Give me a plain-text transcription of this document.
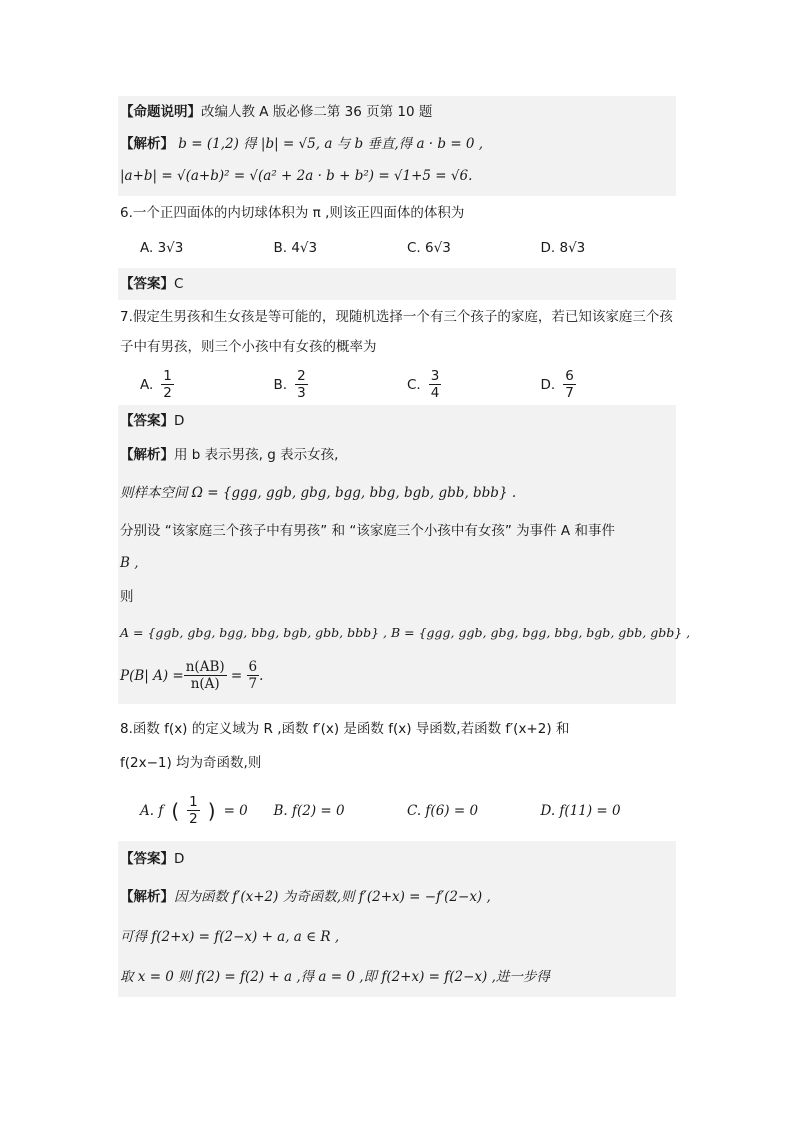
【命题说明】改编人教 A 版必修二第 36 页第 10 题
【解析】 b = (1,2) 得 |b| = √5, a 与 b 垂直,得 a · b = 0 ,
|a+b| = √(a+b)² = √(a² + 2a · b + b²) = √1+5 = √6.
6.一个正四面体的内切球体积为 π ,则该正四面体的体积为
A. 3√3	B. 4√3	C. 6√3	D. 8√3
【答案】C
7.假定生男孩和生女孩是等可能的，现随机选择一个有三个孩子的家庭，若已知该家庭三个孩子中有男孩，则三个小孩中有女孩的概率为
A. $\frac{1}{2}$	B. $\frac{2}{3}$	C. $\frac{3}{4}$	D. $\frac{6}{7}$
【答案】D
【解析】用 b 表示男孩, g 表示女孩,
则样本空间 Ω = {ggg, ggb, gbg, bgg, bbg, bgb, gbb, bbb} .
分别设 “该家庭三个孩子中有男孩” 和 “该家庭三个小孩中有女孩” 为事件 A 和事件
B ,
则
A = {ggb, gbg, bgg, bbg, bgb, gbb, bbb} , B = {ggg, ggb, gbg, bgg, bbg, bgb, gbb, gbb} ,
P(B| $A) = \frac{n(AB)}{n(A)} = \frac{6}{7}$ .
8.函数 f(x) 的定义域为 R ,函数 f′(x) 是函数 f(x) 导函数,若函数 f′(x+2) 和
f(2x−1) 均为奇函数,则
A. f ( $\frac{1}{2}$ ) = 0 B. f(2) = 0	C. f(6) = 0	D. f(11) = 0
【答案】D
【解析】因为函数 f′(x+2) 为奇函数,则 f′(2+x) = −f′(2−x) ,
可得 f(2+x) = f(2−x) + a, a ∈ R ,
取 x = 0 则 f(2) = f(2) + a ,得 a = 0 ,即 f(2+x) = f(2−x) ,进一步得
